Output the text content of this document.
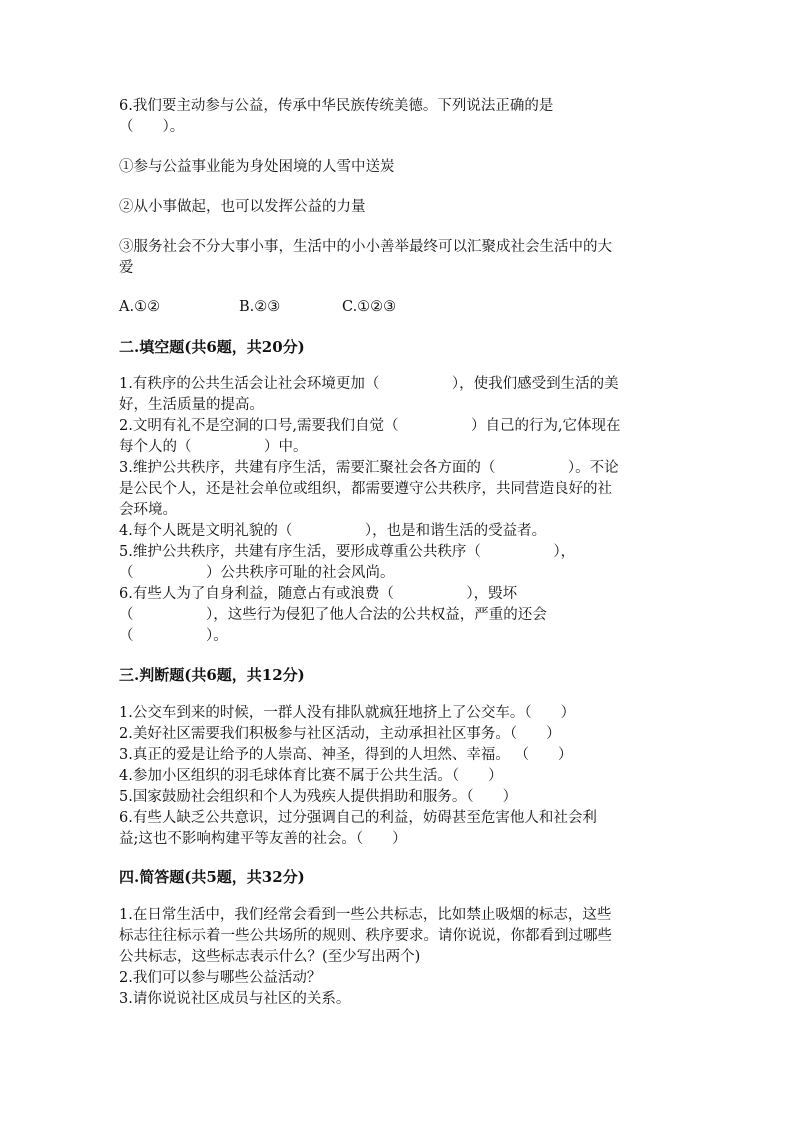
6.我们要主动参与公益，传承中华民族传统美德。下列说法正确的是
（　　）。
①参与公益事业能为身处困境的人雪中送炭
②从小事做起，也可以发挥公益的力量
③服务社会不分大事小事，生活中的小小善举最终可以汇聚成社会生活中的大
爱
A.①②	B.②③	C.①②③
二.填空题(共6题，共20分)
1.有秩序的公共生活会让社会环境更加（　　　　　），使我们感受到生活的美
好，生活质量的提高。
2.文明有礼不是空洞的口号,需要我们自觉（　　　　　）自己的行为,它体现在
每个人的（　　　　　）中。
3.维护公共秩序，共建有序生活，需要汇聚社会各方面的（　　　　　）。不论
是公民个人，还是社会单位或组织，都需要遵守公共秩序，共同营造良好的社
会环境。
4.每个人既是文明礼貌的（　　　　　），也是和谐生活的受益者。
5.维护公共秩序，共建有序生活，要形成尊重公共秩序（　　　　　），
（　　　　　）公共秩序可耻的社会风尚。
6.有些人为了自身利益，随意占有或浪费（　　　　　），毁坏
（　　　　　），这些行为侵犯了他人合法的公共权益，严重的还会
（　　　　　）。
三.判断题(共6题，共12分)
1.公交车到来的时候，一群人没有排队就疯狂地挤上了公交车。（　　）
2.美好社区需要我们积极参与社区活动，主动承担社区事务。（　　）
3.真正的爱是让给予的人崇高、神圣，得到的人坦然、幸福。 （　　）
4.参加小区组织的羽毛球体育比赛不属于公共生活。（　　）
5.国家鼓励社会组织和个人为残疾人提供捐助和服务。（　　）
6.有些人缺乏公共意识，过分强调自己的利益，妨碍甚至危害他人和社会利
益;这也不影响构建平等友善的社会。（　　）
四.简答题(共5题，共32分)
1.在日常生活中，我们经常会看到一些公共标志，比如禁止吸烟的标志，这些
标志往往标示着一些公共场所的规则、秩序要求。请你说说，你都看到过哪些
公共标志，这些标志表示什么？(至少写出两个)
2.我们可以参与哪些公益活动？
3.请你说说社区成员与社区的关系。
